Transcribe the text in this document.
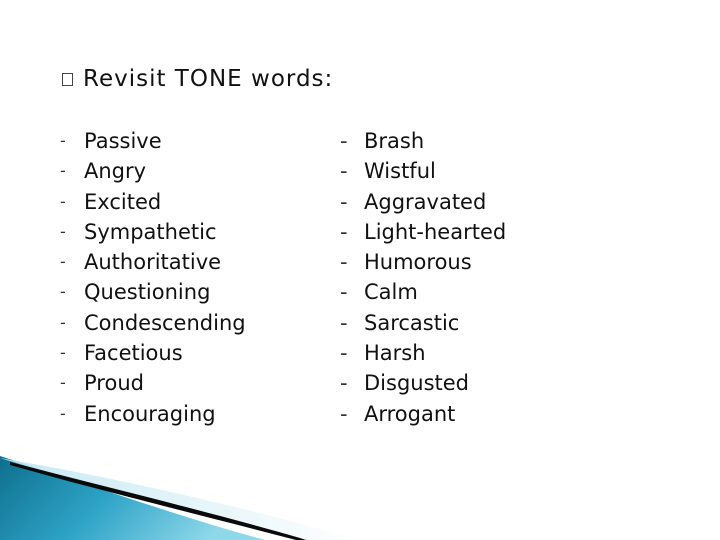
Revisit TONE words:
- Passive
- Angry
- Excited
- Sympathetic
- Authoritative
- Questioning
- Condescending
- Facetious
- Proud
- Encouraging
- Brash
- Wistful
- Aggravated
- Light-hearted
- Humorous
- Calm
- Sarcastic
- Harsh
- Disgusted
- Arrogant
